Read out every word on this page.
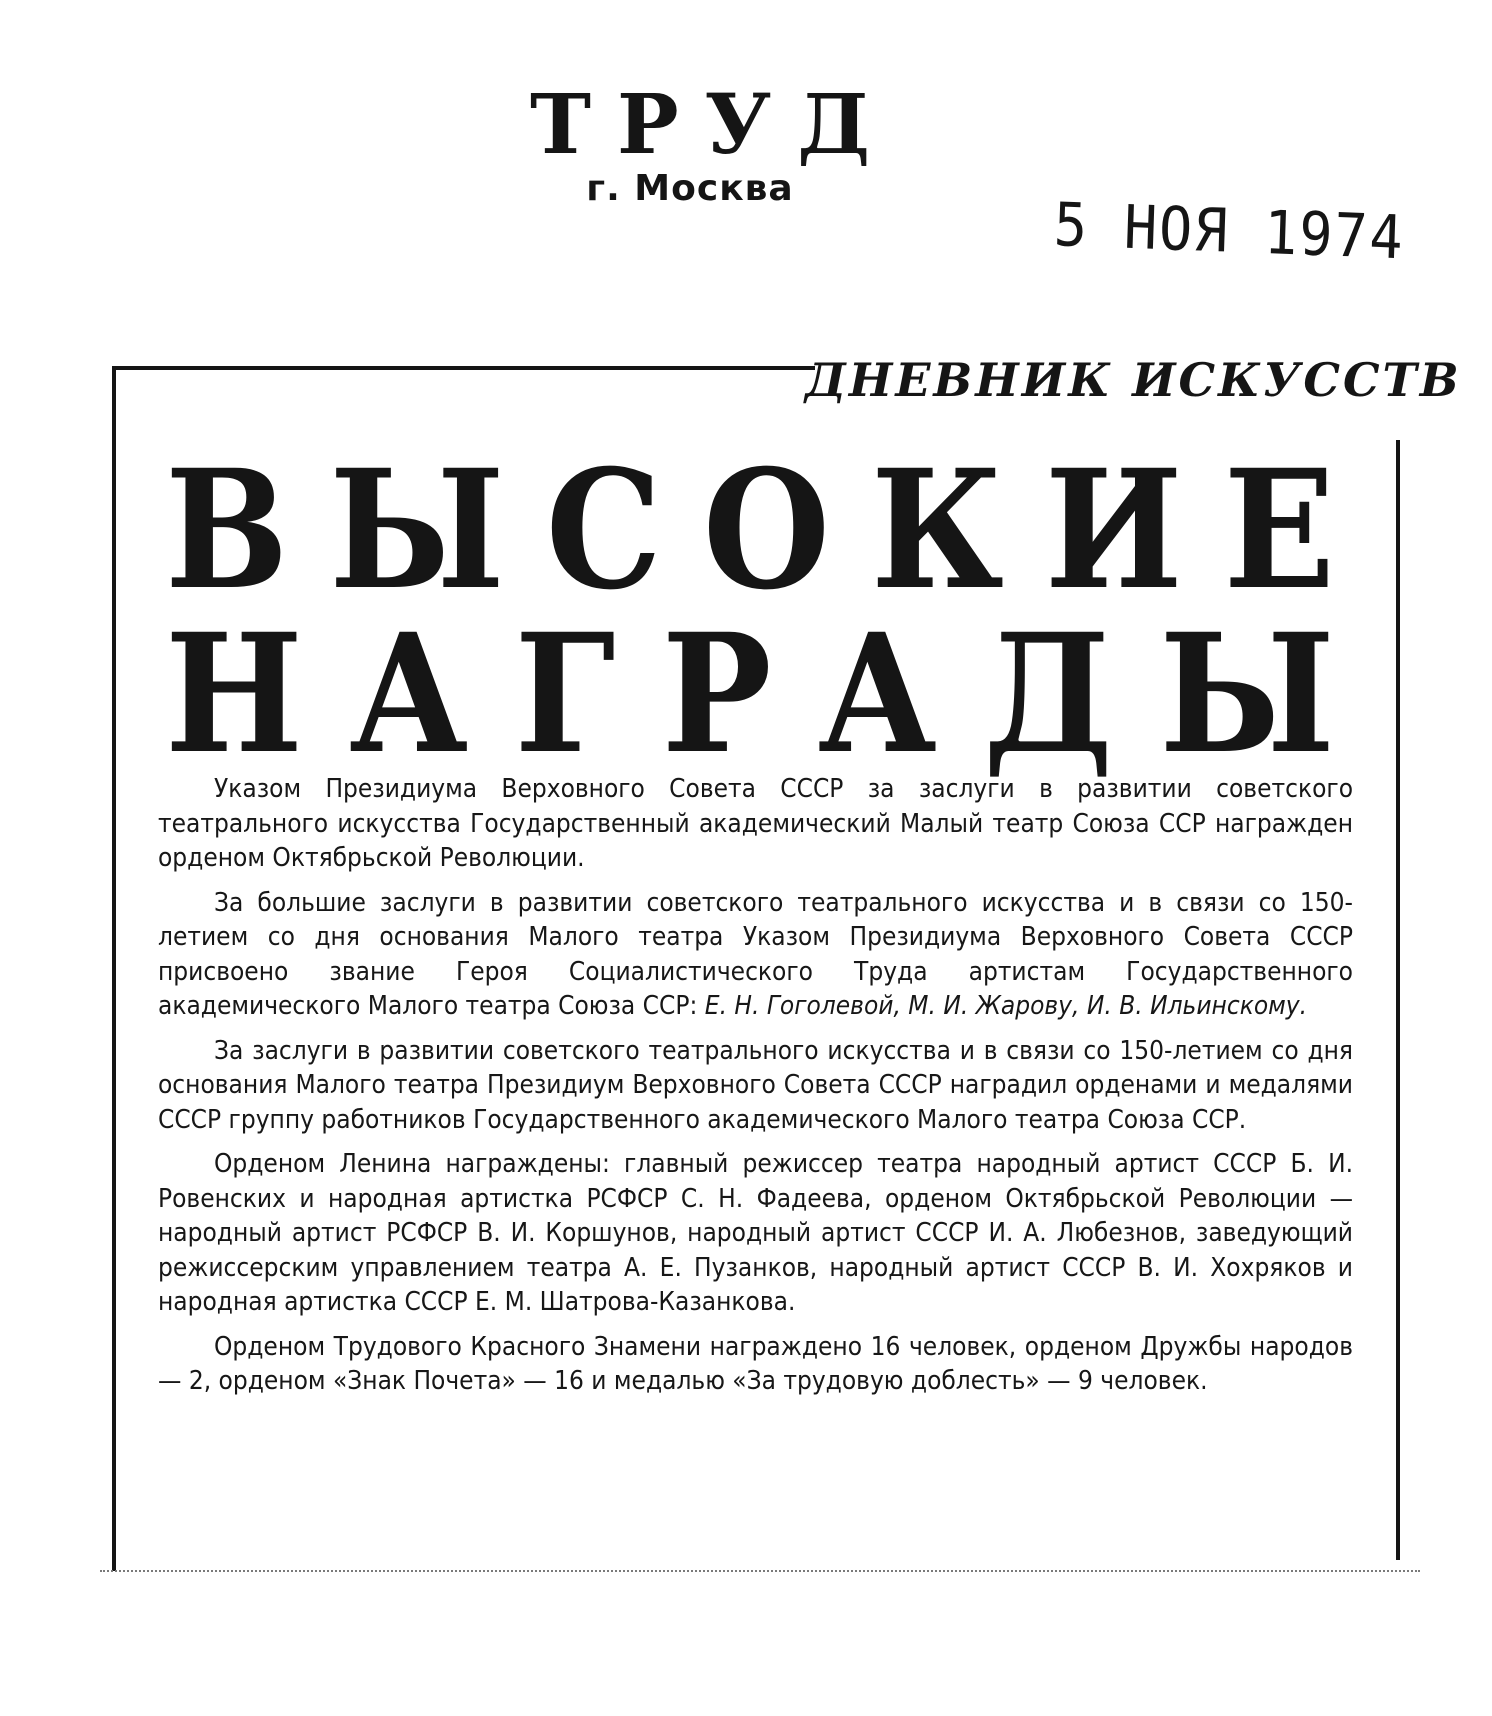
ТРУД
г. Москва
5 НОЯ 1974
ДНЕВНИК ИСКУССТВ
В Ы С О К И Е
Н А Г Р А Д Ы

Указом Президиума Верховного Совета СССР за заслуги в развитии советского театрального искусства Государственный академический Малый театр Союза ССР награжден орденом Октябрьской Революции.

За большие заслуги в развитии советского театрального искусства и в связи со 150-летием со дня основания Малого театра Указом Президиума Верховного Совета СССР присвоено звание Героя Социалистического Труда артистам Государственного академического Малого театра Союза ССР: Е. Н. Гоголевой, М. И. Жарову, И. В. Ильинскому.

За заслуги в развитии советского театрального искусства и в связи со 150-летием со дня основания Малого театра Президиум Верховного Совета СССР наградил орденами и медалями СССР группу работников Государственного академического Малого театра Союза ССР.

Орденом Ленина награждены: главный режиссер театра народный артист СССР Б. И. Ровенских и народная артистка РСФСР С. Н. Фадеева, орденом Октябрьской Революции — народный артист РСФСР В. И. Коршунов, народный артист СССР И. А. Любезнов, заведующий режиссерским управлением театра А. Е. Пузанков, народный артист СССР В. И. Хохряков и народная артистка СССР Е. М. Шатрова-Казанкова.

Орденом Трудового Красного Знамени награждено 16 человек, орденом Дружбы народов — 2, орденом «Знак Почета» — 16 и медалью «За трудовую доблесть» — 9 человек.
